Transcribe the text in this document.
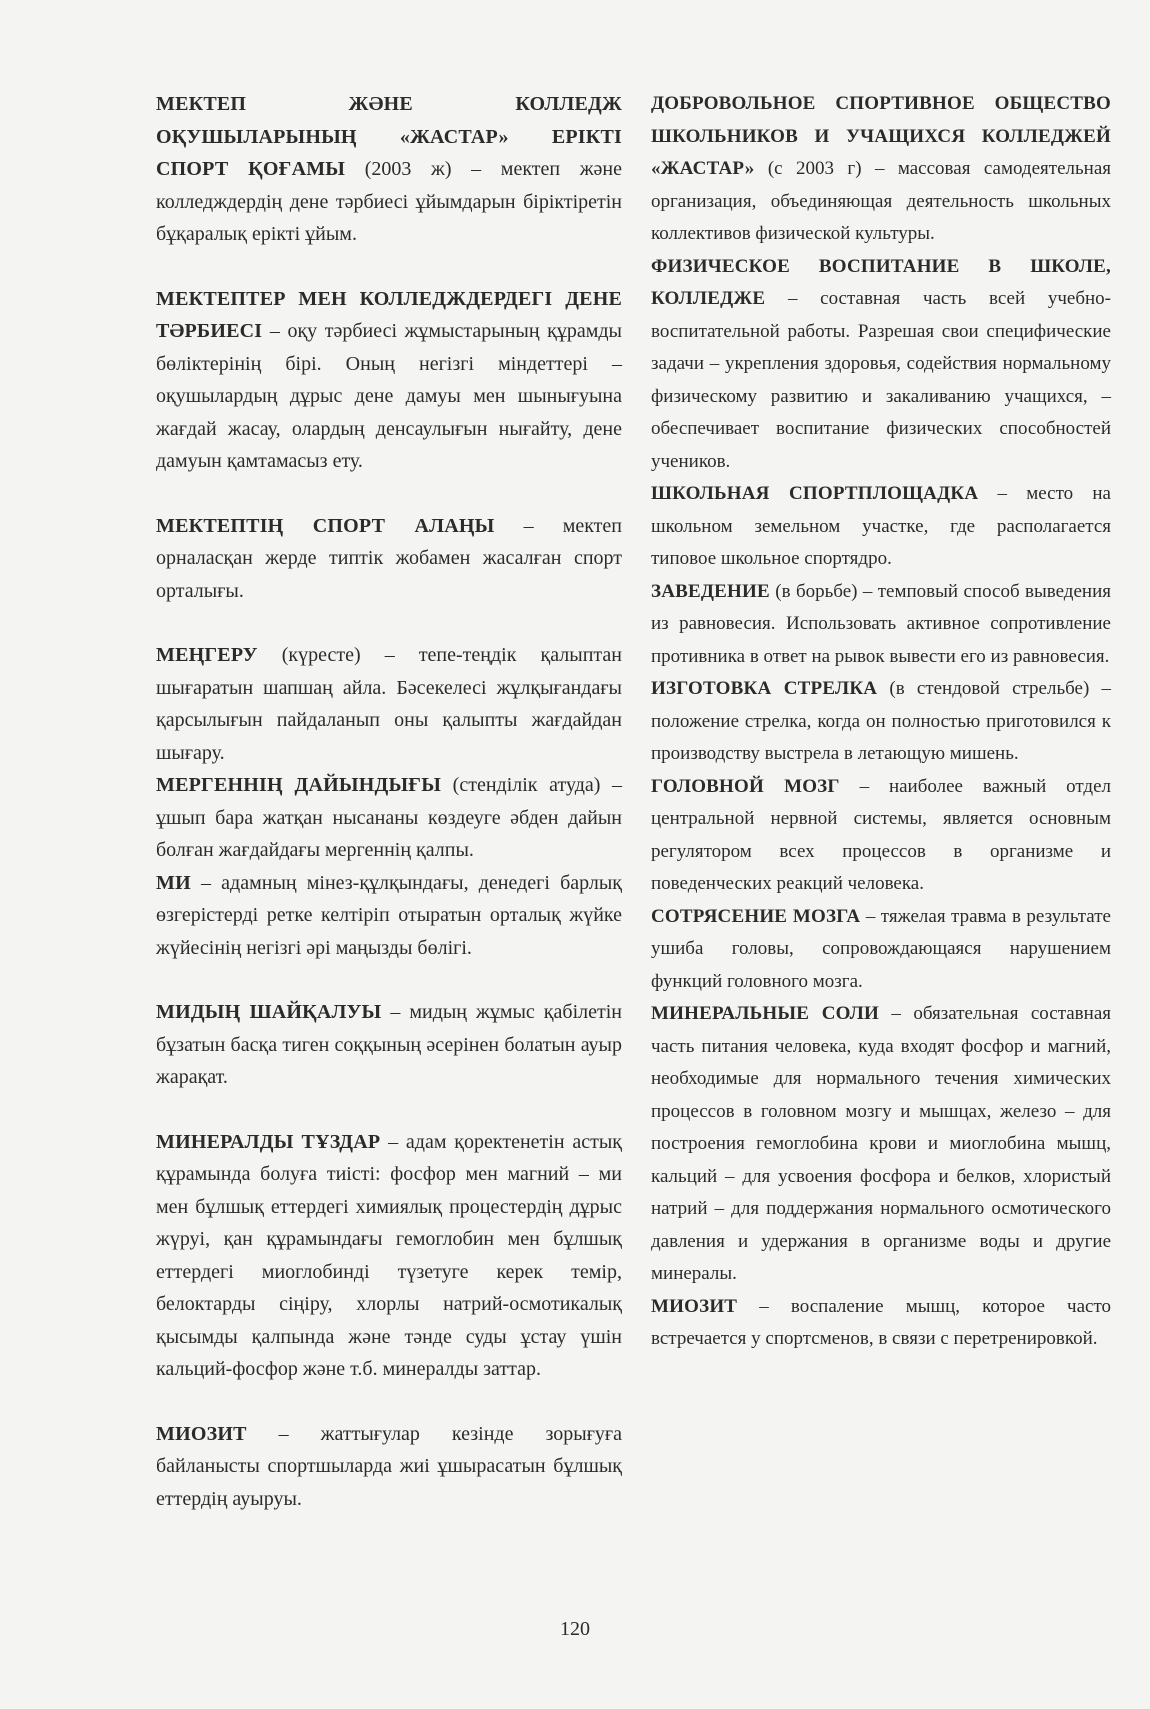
МЕКТЕП ЖӘНЕ КОЛЛЕДЖ ОҚУШЫЛАРЫНЫҢ «ЖАСТАР» ЕРІКТІ СПОРТ ҚОҒАМЫ (2003 ж) – мектеп және колледждердің дене тәрбиесі ұйымдарын біріктіретін бұқаралық ерікті ұйым.

МЕКТЕПТЕР МЕН КОЛЛЕДЖДЕРДЕГІ ДЕНЕ ТӘРБИЕСІ – оқу тәрбиесі жұмыстарының құрамды бөліктерінің бірі. Оның негізгі міндеттері – оқушылардың дұрыс дене дамуы мен шынығуына жағдай жасау, олардың денсаулығын нығайту, дене дамуын қамтамасыз ету.

МЕКТЕПТІҢ СПОРТ АЛАҢЫ – мектеп орналасқан жерде типтік жобамен жасалған спорт орталығы.

МЕҢГЕРУ (күресте) – тепе-теңдік қалыптан шығаратын шапшаң айла. Бәсекелесі жұлқығандағы қарсылығын пайдаланып оны қалыпты жағдайдан шығару.

МЕРГЕННІҢ ДАЙЫНДЫҒЫ (стенділік атуда) – ұшып бара жатқан нысананы көздеуге әбден дайын болған жағдайдағы мергеннің қалпы.

МИ – адамның мінез-құлқындағы, денедегі барлық өзгерістерді ретке келтіріп отыратын орталық жүйке жүйесінің негізгі әрі маңызды бөлігі.

МИДЫҢ ШАЙҚАЛУЫ – мидың жұмыс қабілетін бұзатын басқа тиген соққының әсерінен болатын ауыр жарақат.

МИНЕРАЛДЫ ТҰЗДАР – адам қоректенетін астық құрамында болуға тиісті: фосфор мен магний – ми мен бұлшық еттердегі химиялық процестердің дұрыс жүруі, қан құрамындағы гемоглобин мен бұлшық еттердегі миоглобинді түзетуге керек темір, белоктарды сіңіру, хлорлы натрий-осмотикалық қысымды қалпында және тәнде суды ұстау үшін кальций-фосфор және т.б. минералды заттар.

МИОЗИТ – жаттығулар кезінде зорығуға байланысты спортшыларда жиі ұшырасатын бұлшық еттердің ауыруы.

ДОБРОВОЛЬНОЕ СПОРТИВНОЕ ОБЩЕСТВО ШКОЛЬНИКОВ И УЧАЩИХСЯ КОЛЛЕДЖЕЙ «ЖАСТАР» (с 2003 г) – массовая самодеятельная организация, объединяющая деятельность школьных коллективов физической культуры.

ФИЗИЧЕСКОЕ ВОСПИТАНИЕ В ШКОЛЕ, КОЛЛЕДЖЕ – составная часть всей учебно-воспитательной работы. Разрешая свои специфические задачи – укрепления здоровья, содействия нормальному физическому развитию и закаливанию учащихся, – обеспечивает воспитание физических способностей учеников.

ШКОЛЬНАЯ СПОРТПЛОЩАДКА – место на школьном земельном участке, где располагается типовое школьное спортядро.

ЗАВЕДЕНИЕ (в борьбе) – темповый способ выведения из равновесия. Использовать активное сопротивление противника в ответ на рывок вывести его из равновесия.

ИЗГОТОВКА СТРЕЛКА (в стендовой стрельбе) – положение стрелка, когда он полностью приготовился к производству выстрела в летающую мишень.

ГОЛОВНОЙ МОЗГ – наиболее важный отдел центральной нервной системы, является основным регулятором всех процессов в организме и поведенческих реакций человека.

СОТРЯСЕНИЕ МОЗГА – тяжелая травма в результате ушиба головы, сопровождающаяся нарушением функций головного мозга.

МИНЕРАЛЬНЫЕ СОЛИ – обязательная составная часть питания человека, куда входят фосфор и магний, необходимые для нормального течения химических процессов в головном мозгу и мышцах, железо – для построения гемоглобина крови и миоглобина мышц, кальций – для усвоения фосфора и белков, хлористый натрий – для поддержания нормального осмотического давления и удержания в организме воды и другие минералы.

МИОЗИТ – воспаление мышц, которое часто встречается у спортсменов, в связи с перетренировкой.

120
